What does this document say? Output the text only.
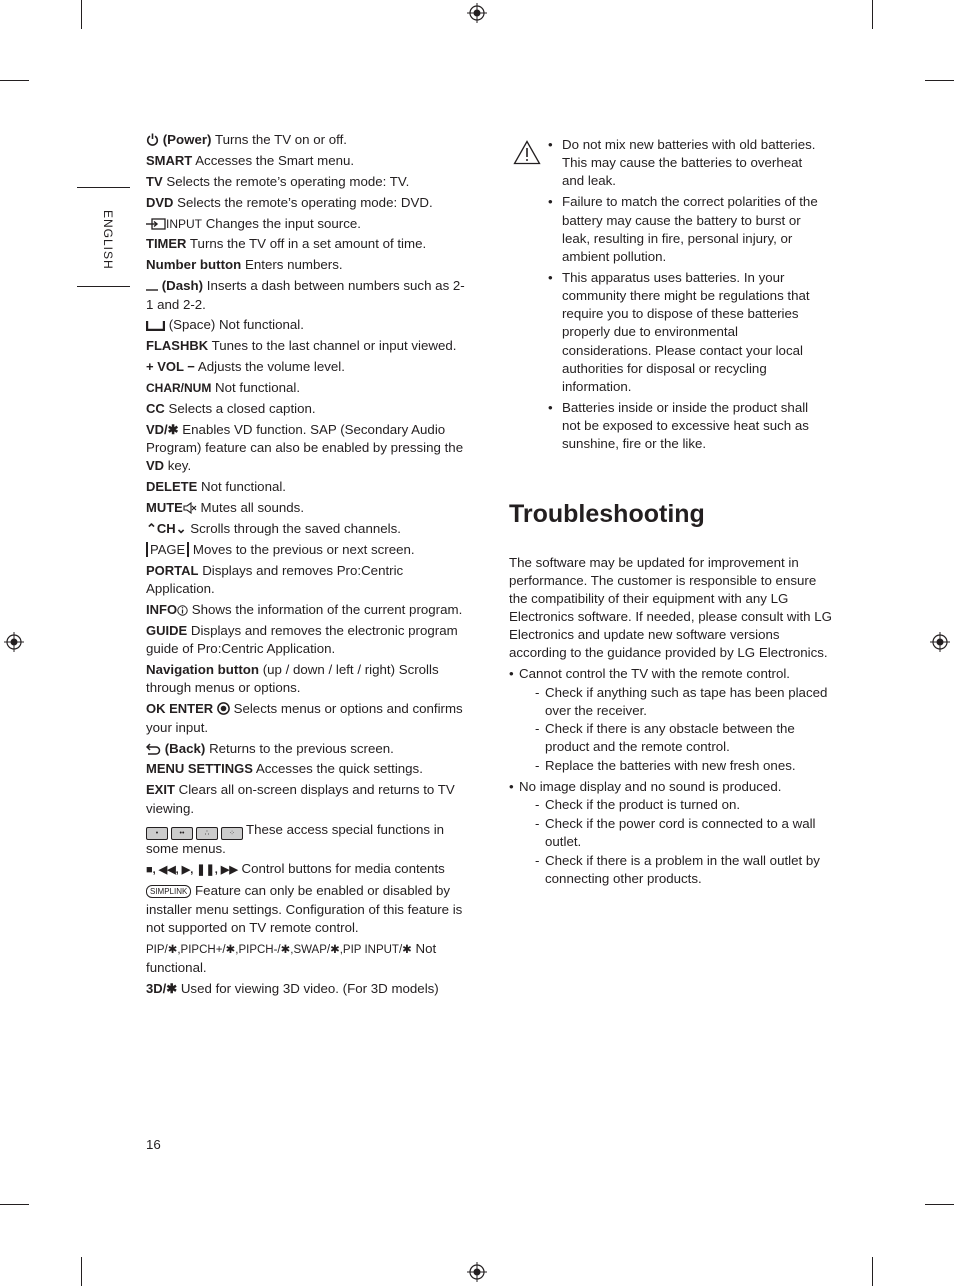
ENGLISH
(Power) Turns the TV on or off.
SMART Accesses the Smart menu.
TV Selects the remote’s operating mode: TV.
DVD Selects the remote’s operating mode: DVD.
INPUT Changes the input source.
TIMER Turns the TV off in a set amount of time.
Number button Enters numbers.
(Dash) Inserts a dash between numbers such as 2-1 and 2-2.
(Space) Not functional.
FLASHBK Tunes to the last channel or input viewed.
+ VOL − Adjusts the volume level.
CHAR/NUM Not functional.
CC Selects a closed caption.
VD/✱ Enables VD function. SAP (Secondary Audio Program) feature can also be enabled by pressing the VD key.
DELETE Not functional.
MUTE Mutes all sounds.
⌃CH⌄ Scrolls through the saved channels.
PAGE Moves to the previous or next screen.
PORTAL Displays and removes Pro:Centric Application.
INFO Shows the information of the current program.
GUIDE Displays and removes the electronic program guide of Pro:Centric Application.
Navigation button (up / down / left / right) Scrolls through menus or options.
OK ENTER Selects menus or options and confirms your input.
(Back) Returns to the previous screen.
MENU SETTINGS Accesses the quick settings.
EXIT Clears all on-screen displays and returns to TV viewing.
•	••	∴	⁘ These access special functions in some menus.
■, ◀◀, ▶, ❚❚, ▶▶ Control buttons for media contents
SIMPLINK Feature can only be enabled or disabled by installer menu settings. Configuration of this feature is not supported on TV remote control.
PIP/✱,PIPCH+/✱,PIPCH-/✱,SWAP/✱,PIP INPUT/✱ Not functional.
3D/✱ Used for viewing 3D video. (For 3D models)
• Do not mix new batteries with old batteries. This may cause the batteries to overheat and leak.
• Failure to match the correct polarities of the battery may cause the battery to burst or leak, resulting in fire, personal injury, or ambient pollution.
• This apparatus uses batteries. In your community there might be regulations that require you to dispose of these batteries properly due to environmental considerations. Please contact your local authorities for disposal or recycling information.
• Batteries inside or inside the product shall not be exposed to excessive heat such as sunshine, fire or the like.
Troubleshooting

The software may be updated for improvement in performance. The customer is responsible to ensure the compatibility of their equipment with any LG Electronics software. If needed, please consult with LG Electronics and update new software versions according to the guidance provided by LG Electronics.

• Cannot control the TV with the remote control.
- Check if anything such as tape has been placed over the receiver.
- Check if there is any obstacle between the product and the remote control.
- Replace the batteries with new fresh ones.
• No image display and no sound is produced.
- Check if the product is turned on.
- Check if the power cord is connected to a wall outlet.
- Check if there is a problem in the wall outlet by connecting other products.
16
